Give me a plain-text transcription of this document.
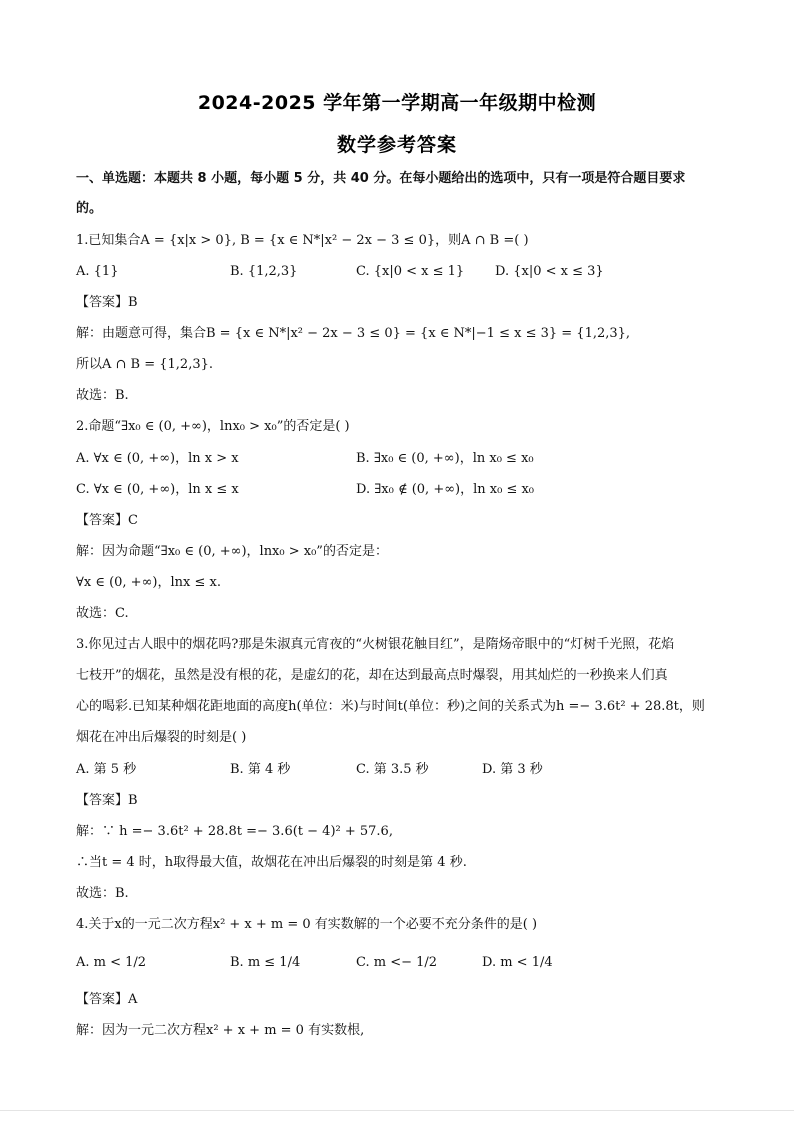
2024-2025 学年第一学期高一年级期中检测
数学参考答案
一、单选题：本题共 8 小题，每小题 5 分，共 40 分。在每小题给出的选项中，只有一项是符合题目要求
的。
1.已知集合A = {x|x > 0}, B = {x ∈ N*|x² − 2x − 3 ≤ 0}，则A ∩ B =( )
A. {1}	B. {1,2,3}	C. {x|0 < x ≤ 1} D. {x|0 < x ≤ 3}
【答案】B
解：由题意可得，集合B = {x ∈ N*|x² − 2x − 3 ≤ 0} = {x ∈ N*|−1 ≤ x ≤ 3} = {1,2,3},
所以A ∩ B = {1,2,3}.
故选：B.
2.命题“∃x₀ ∈ (0, +∞)，lnx₀ > x₀”的否定是( )
A. ∀x ∈ (0, +∞)，ln x > x	B. ∃x₀ ∈ (0, +∞)，ln x₀ ≤ x₀
C. ∀x ∈ (0, +∞)，ln x ≤ x	D. ∃x₀ ∉ (0, +∞)，ln x₀ ≤ x₀
【答案】C
解：因为命题“∃x₀ ∈ (0, +∞)，lnx₀ > x₀”的否定是：
∀x ∈ (0, +∞)，lnx ≤ x.
故选：C.
3.你见过古人眼中的烟花吗?那是朱淑真元宵夜的“火树银花触目红”，是隋炀帝眼中的“灯树千光照，花焰
七枝开”的烟花，虽然是没有根的花，是虚幻的花，却在达到最高点时爆裂，用其灿烂的一秒换来人们真
心的喝彩.已知某种烟花距地面的高度h(单位：米)与时间t(单位：秒)之间的关系式为h =− 3.6t² + 28.8t，则
烟花在冲出后爆裂的时刻是( )
A. 第 5 秒	B. 第 4 秒	C. 第 3.5 秒	D. 第 3 秒
【答案】B
解：∵ h =− 3.6t² + 28.8t =− 3.6(t − 4)² + 57.6,
∴当t = 4 时，h取得最大值，故烟花在冲出后爆裂的时刻是第 4 秒.
故选：B.
4.关于x的一元二次方程x² + x + m = 0 有实数解的一个必要不充分条件的是( )
A. m < 1/2	B. m ≤ 1/4	C. m <− 1/2	D. m < 1/4
【答案】A
解：因为一元二次方程x² + x + m = 0 有实数根,
